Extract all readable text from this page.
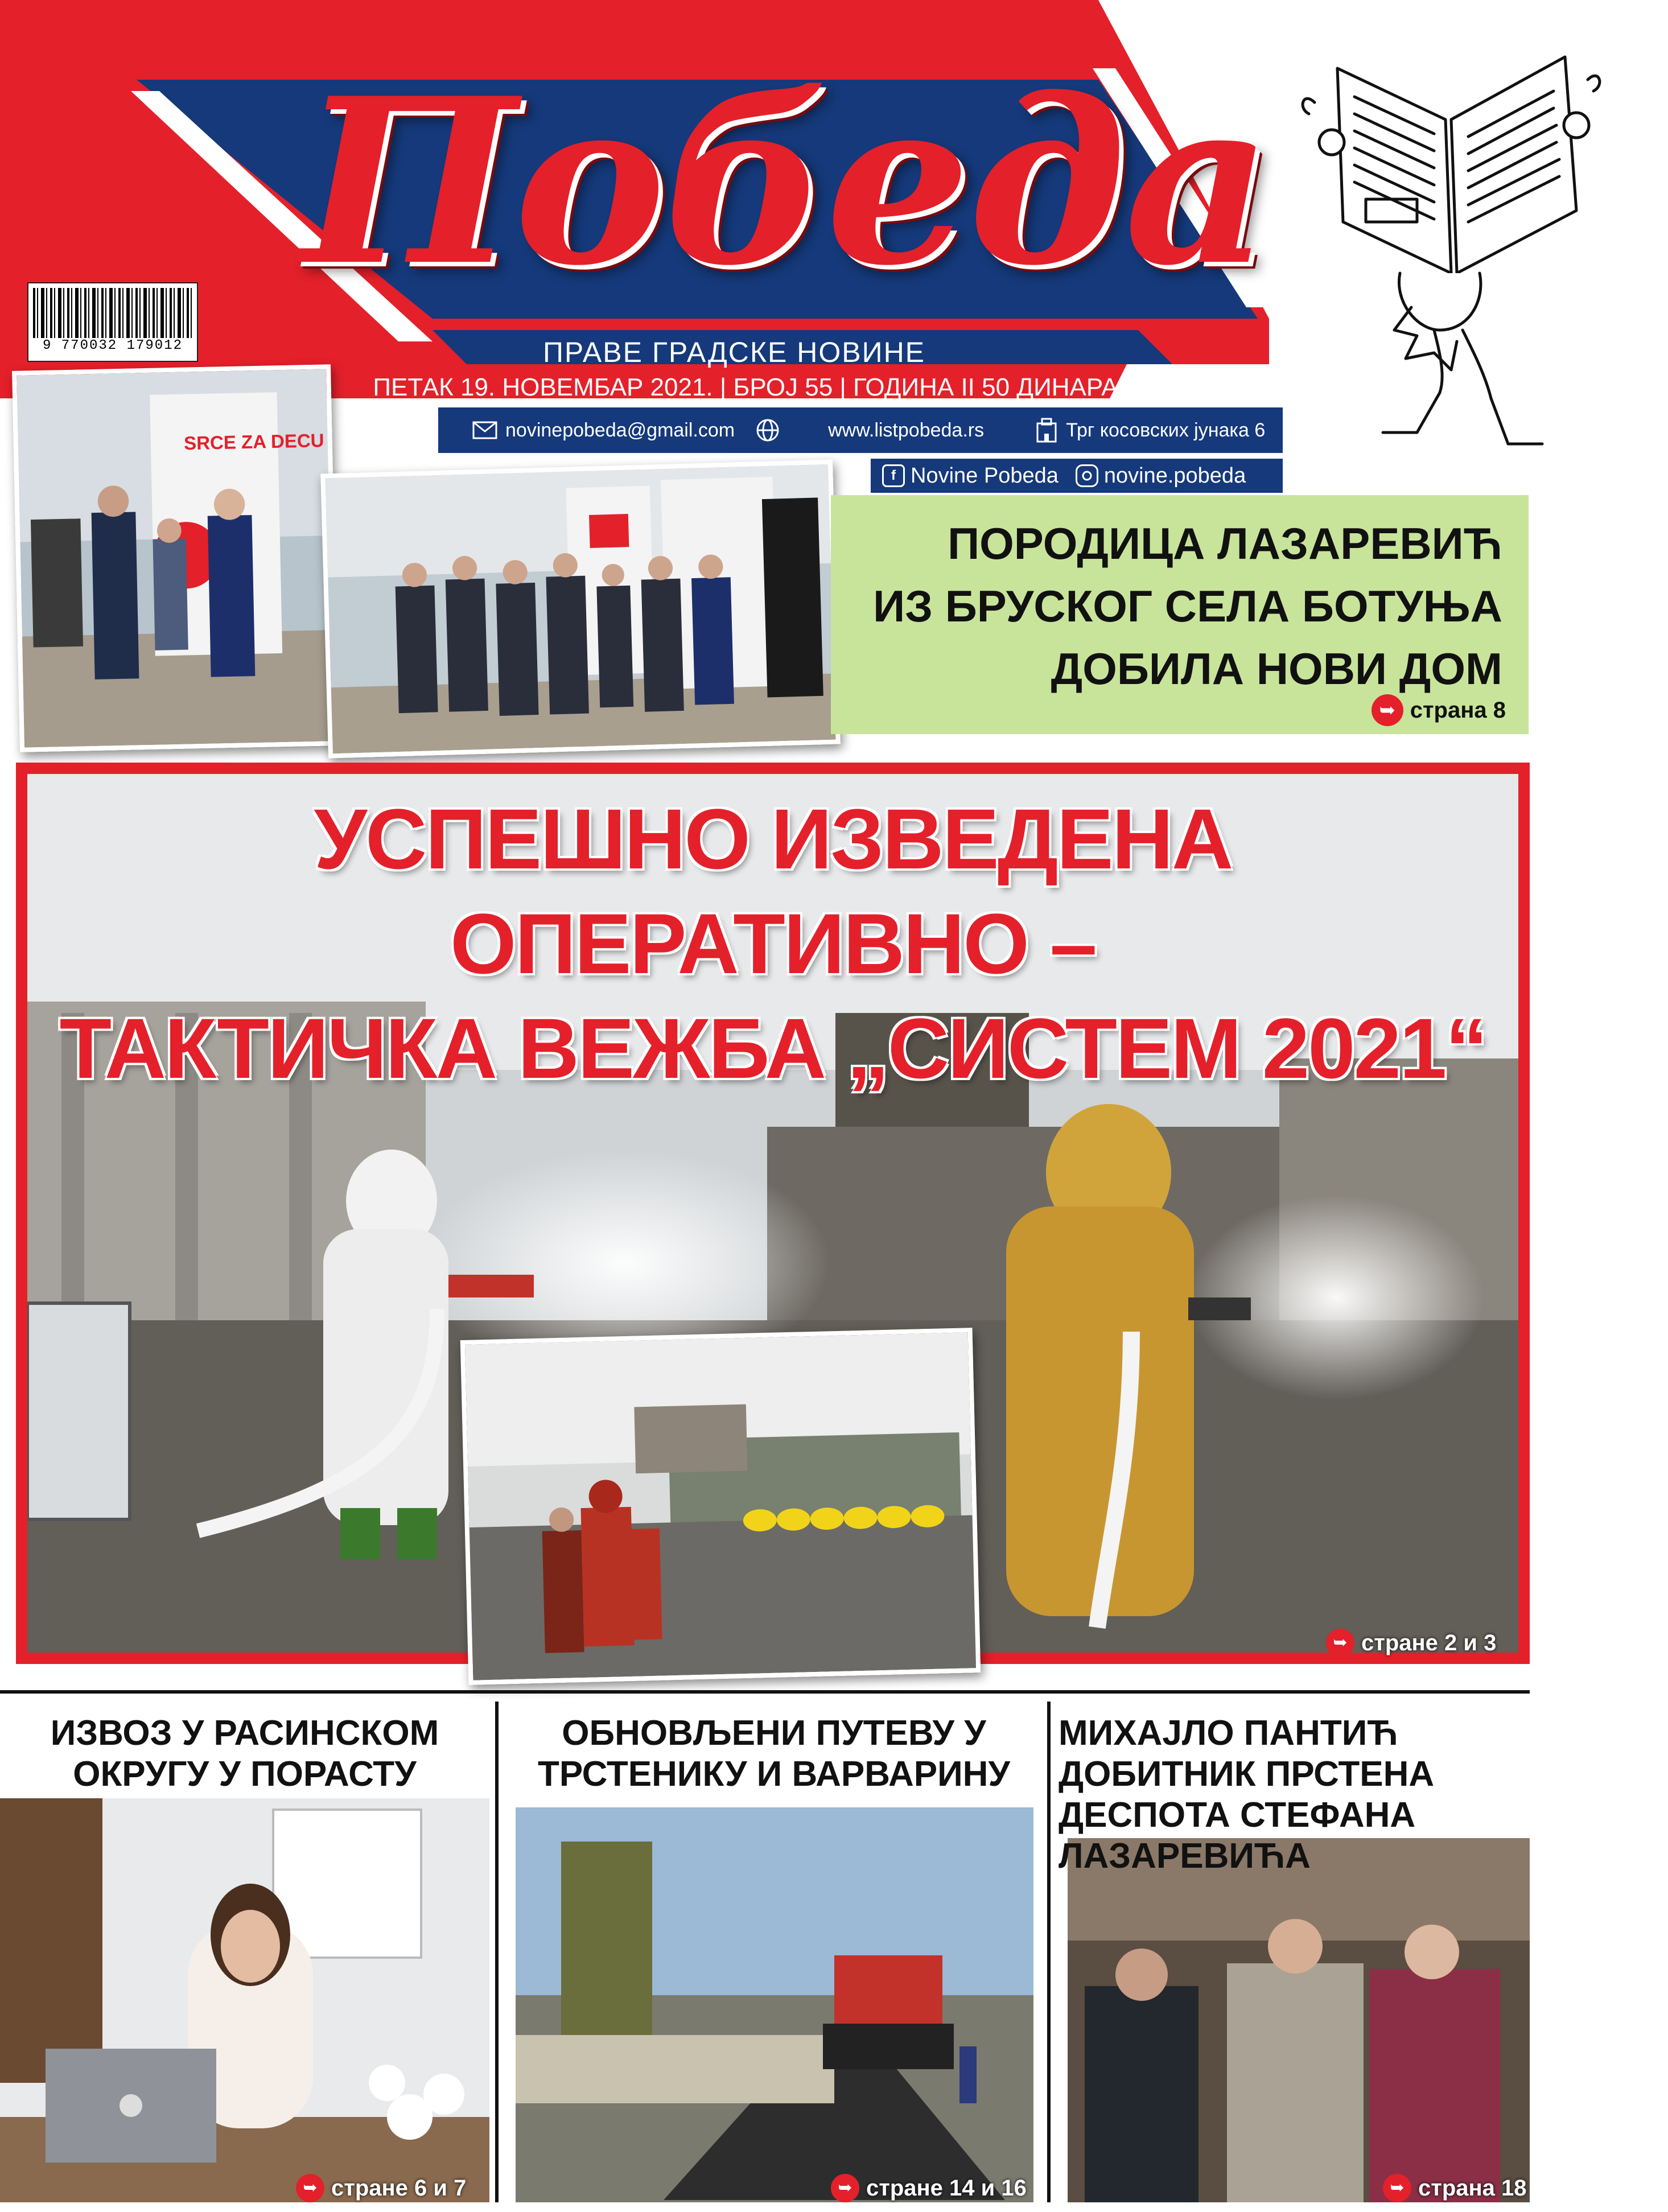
Побeда
9 770032 179012	ПРАВЕ ГРАДСКЕ НОВИНЕ
ПЕТАК 19. НОВЕМБАР 2021. | БРОЈ 55 | ГОДИНА II 50 ДИНАРА
novinepobeda@gmail.com	www.listpobeda.rs	Трг косовских јунака 6
f Novine Pobeda novine.pobeda
SRCE ZA DECU
ПОРОДИЦА ЛАЗАРЕВИЋ
ИЗ БРУСКОГ СЕЛА БОТУЊА
ДОБИЛА НОВИ ДОМ
➥ страна 8
УСПЕШНО ИЗВЕДЕНА ОПЕРАТИВНО –
ТАКТИЧКА ВЕЖБА „СИСТЕМ 2021“
➥ стране 2 и 3
ИЗВОЗ У РАСИНСКОМ
ОКРУГУ У ПОРАСТУ
➥ стране 6 и 7
ОБНОВЉЕНИ ПУТЕВУ У
ТРСТЕНИКУ И ВАРВАРИНУ
➥ стране 14 и 16
МИХАЈЛО ПАНТИЋ
ДОБИТНИК ПРСТЕНА
ДЕСПОТА СТЕФАНА
ЛАЗАРЕВИЋА
➥ страна 18
